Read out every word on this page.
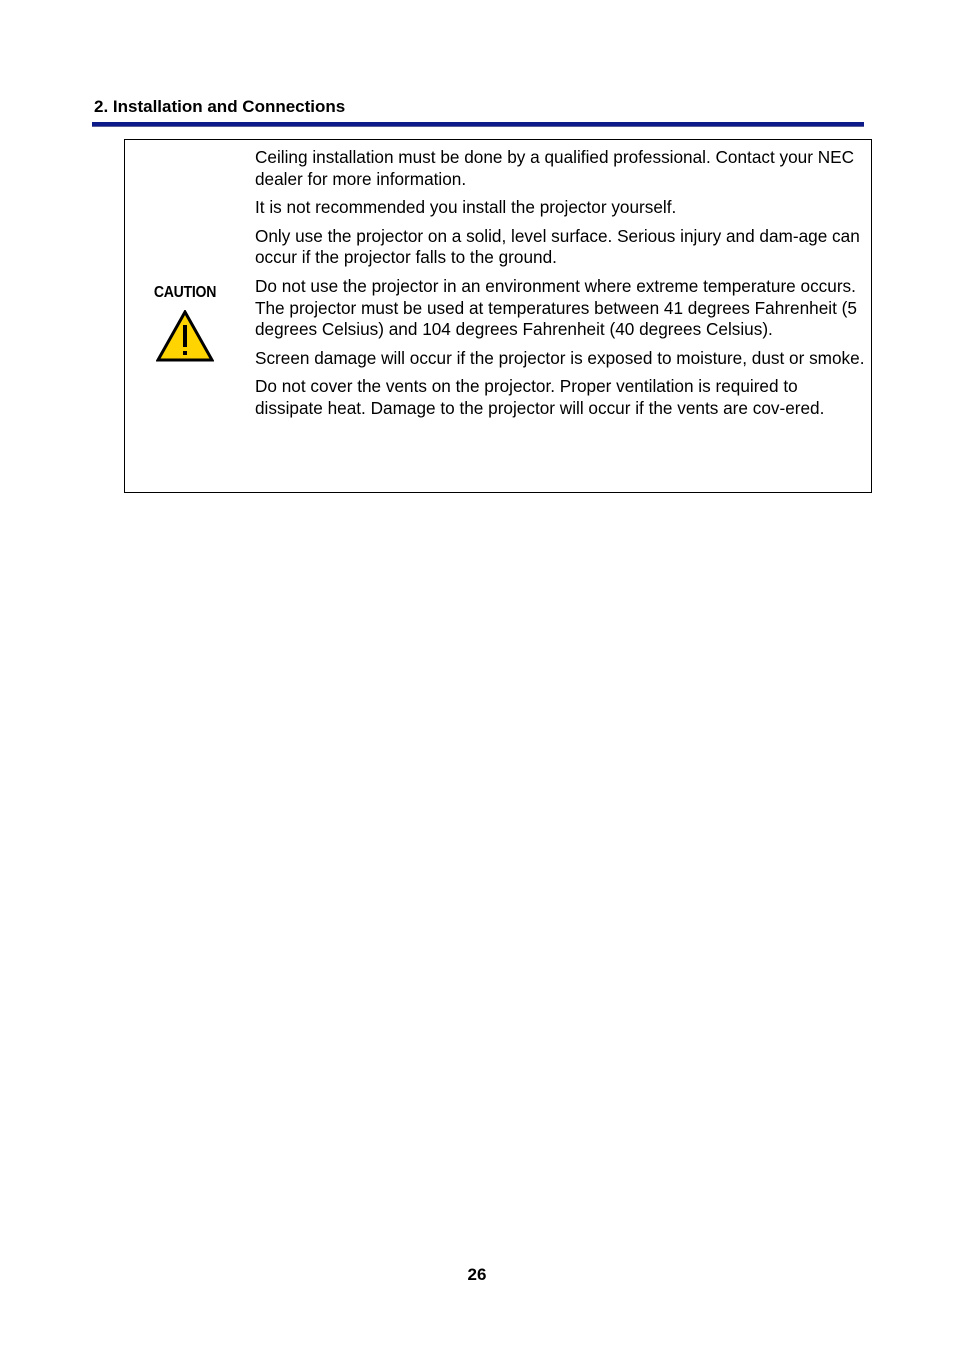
2. Installation and Connections
CAUTION

Ceiling installation must be done by a qualified professional. Contact your NEC dealer for more information.

It is not recommended you install the projector yourself.

Only use the projector on a solid, level surface. Serious injury and dam-age can occur if the projector falls to the ground.

Do not use the projector in an environment where extreme temperature occurs. The projector must be used at temperatures between 41 degrees Fahrenheit (5 degrees Celsius) and 104 degrees Fahrenheit (40 degrees Celsius).

Screen damage will occur if the projector is exposed to moisture, dust or smoke.

Do not cover the vents on the projector. Proper ventilation is required to dissipate heat. Damage to the projector will occur if the vents are cov-ered.

26
